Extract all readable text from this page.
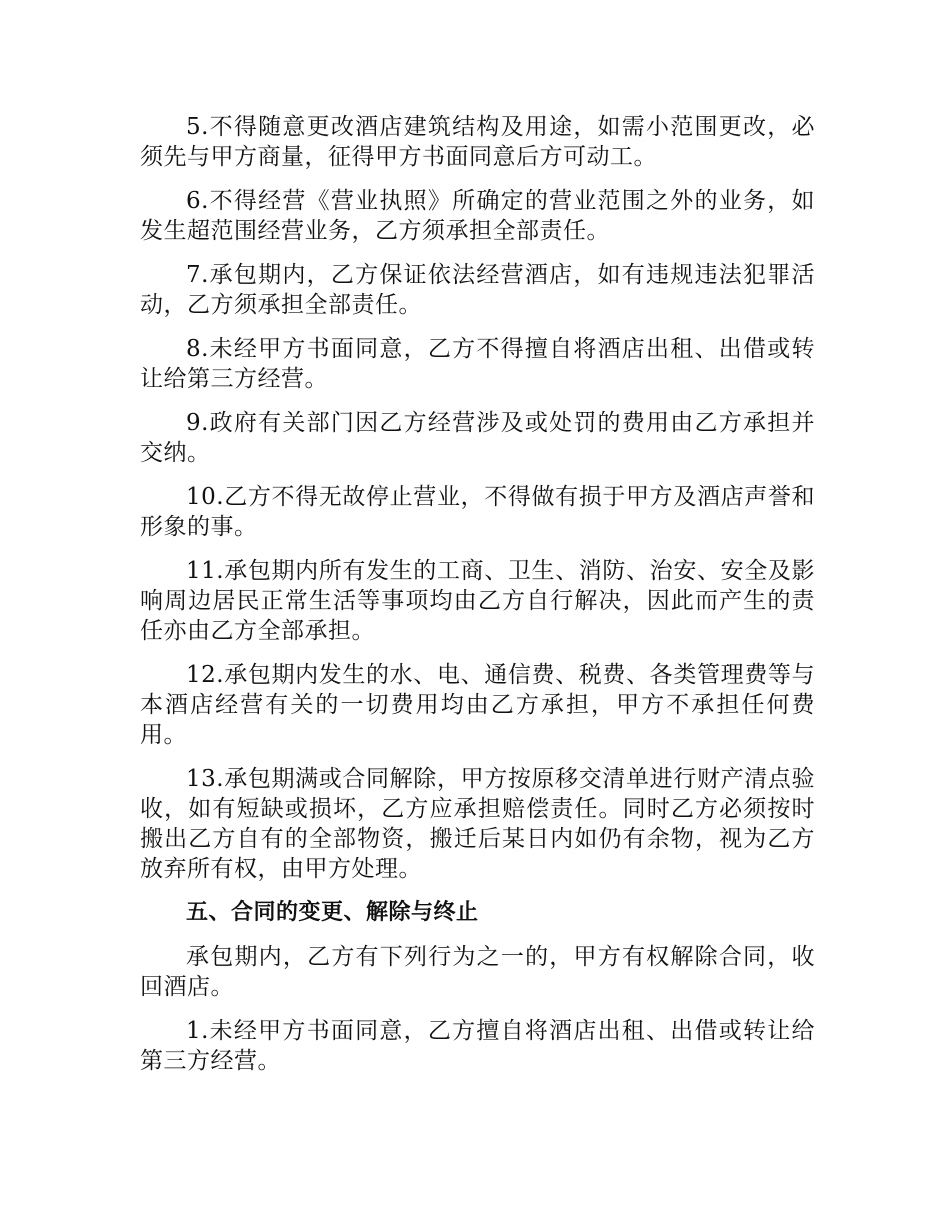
5.不得随意更改酒店建筑结构及用途，如需小范围更改，必须先与甲方商量，征得甲方书面同意后方可动工。

6.不得经营《营业执照》所确定的营业范围之外的业务，如发生超范围经营业务，乙方须承担全部责任。

7.承包期内，乙方保证依法经营酒店，如有违规违法犯罪活动，乙方须承担全部责任。

8.未经甲方书面同意，乙方不得擅自将酒店出租、出借或转让给第三方经营。

9.政府有关部门因乙方经营涉及或处罚的费用由乙方承担并交纳。

10.乙方不得无故停止营业，不得做有损于甲方及酒店声誉和形象的事。

11.承包期内所有发生的工商、卫生、消防、治安、安全及影响周边居民正常生活等事项均由乙方自行解决，因此而产生的责任亦由乙方全部承担。

12.承包期内发生的水、电、通信费、税费、各类管理费等与本酒店经营有关的一切费用均由乙方承担，甲方不承担任何费用。

13.承包期满或合同解除，甲方按原移交清单进行财产清点验收，如有短缺或损坏，乙方应承担赔偿责任。同时乙方必须按时搬出乙方自有的全部物资，搬迁后某日内如仍有余物，视为乙方放弃所有权，由甲方处理。

五、合同的变更、解除与终止

承包期内，乙方有下列行为之一的，甲方有权解除合同，收回酒店。

1.未经甲方书面同意，乙方擅自将酒店出租、出借或转让给第三方经营。
